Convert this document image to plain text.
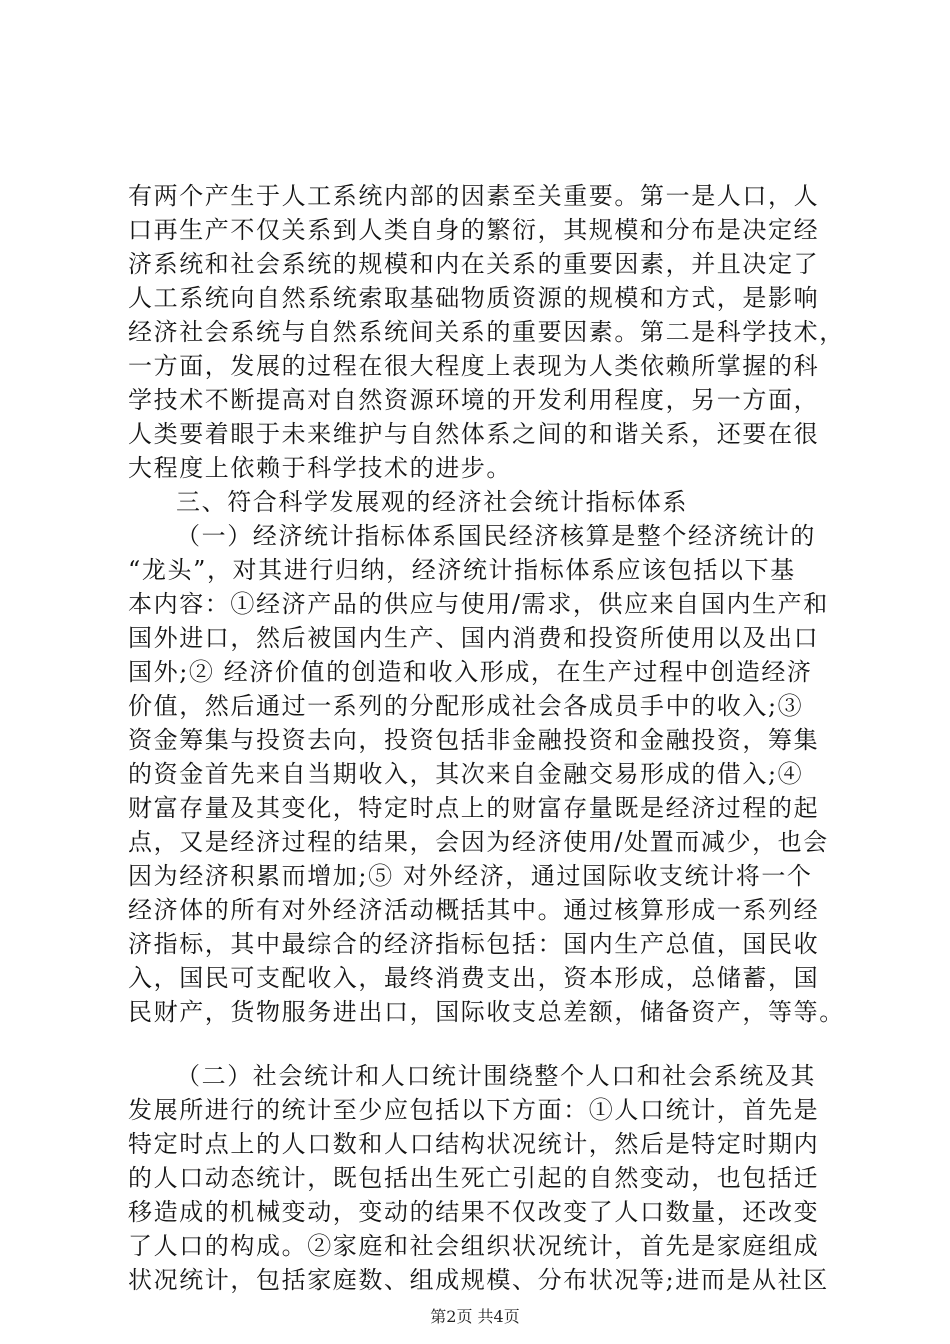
有两个产生于人工系统内部的因素至关重要。第一是人口，人
口再生产不仅关系到人类自身的繁衍，其规模和分布是决定经
济系统和社会系统的规模和内在关系的重要因素，并且决定了
人工系统向自然系统索取基础物质资源的规模和方式，是影响
经济社会系统与自然系统间关系的重要因素。第二是科学技术，
一方面，发展的过程在很大程度上表现为人类依赖所掌握的科
学技术不断提高对自然资源环境的开发利用程度，另一方面，
人类要着眼于未来维护与自然体系之间的和谐关系，还要在很
大程度上依赖于科学技术的进步。
三、符合科学发展观的经济社会统计指标体系
（一）经济统计指标体系国民经济核算是整个经济统计的
“龙头”，对其进行归纳，经济统计指标体系应该包括以下基
本内容：①经济产品的供应与使用/需求，供应来自国内生产和
国外进口，然后被国内生产、国内消费和投资所使用以及出口
国外;② 经济价值的创造和收入形成，在生产过程中创造经济
价值，然后通过一系列的分配形成社会各成员手中的收入;③
资金筹集与投资去向，投资包括非金融投资和金融投资，筹集
的资金首先来自当期收入，其次来自金融交易形成的借入;④
财富存量及其变化，特定时点上的财富存量既是经济过程的起
点，又是经济过程的结果，会因为经济使用/处置而减少，也会
因为经济积累而增加;⑤ 对外经济，通过国际收支统计将一个
经济体的所有对外经济活动概括其中。通过核算形成一系列经
济指标，其中最综合的经济指标包括：国内生产总值，国民收
入，国民可支配收入，最终消费支出，资本形成，总储蓄，国
民财产，货物服务进出口，国际收支总差额，储备资产，等等。
（二）社会统计和人口统计围绕整个人口和社会系统及其
发展所进行的统计至少应包括以下方面：①人口统计，首先是
特定时点上的人口数和人口结构状况统计，然后是特定时期内
的人口动态统计，既包括出生死亡引起的自然变动，也包括迁
移造成的机械变动，变动的结果不仅改变了人口数量，还改变
了人口的构成。②家庭和社会组织状况统计，首先是家庭组成
状况统计，包括家庭数、组成规模、分布状况等;进而是从社区
第2页 共4页
